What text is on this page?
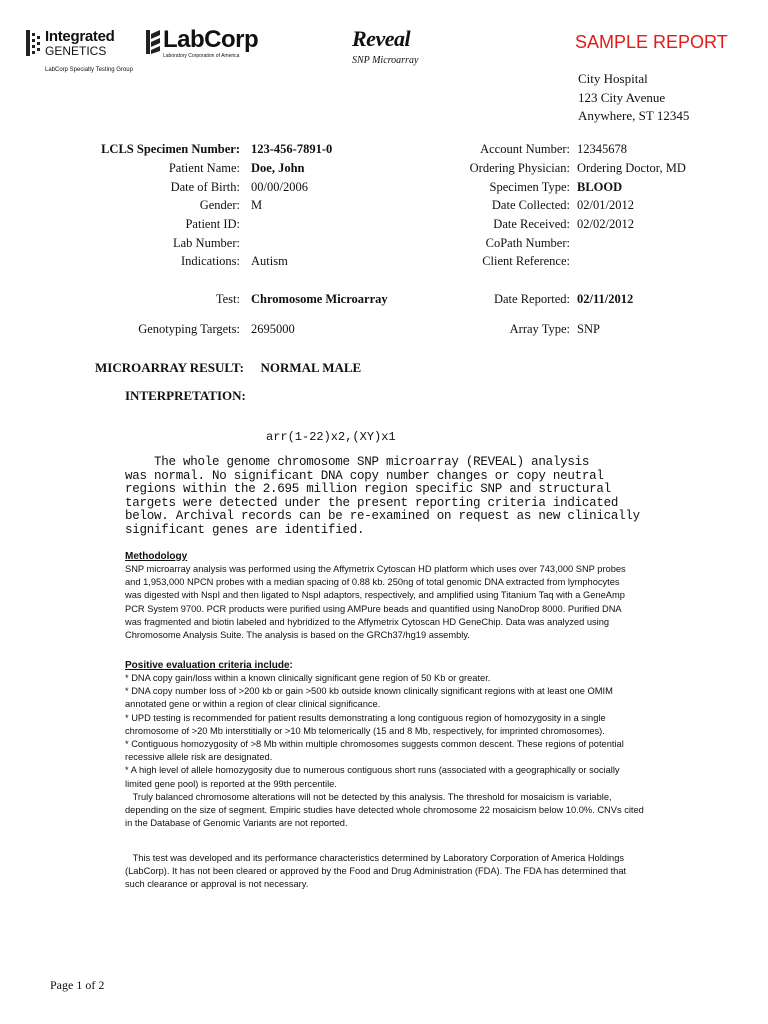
Integrated
GENETICS
LabCorp Specialty Testing Group
LabCorp
Laboratory Corporation of America
Reveal
SNP Microarray
SAMPLE REPORT
City Hospital
123 City Avenue
Anywhere, ST 12345
LCLS Specimen Number: 123-456-7891-0
Patient Name: Doe, John
Date of Birth: 00/00/2006
Gender: M
Patient ID:
Lab Number:
Indications: Autism
Test: Chromosome Microarray
Genotyping Targets: 2695000
Account Number: 12345678
Ordering Physician: Ordering Doctor, MD
Specimen Type: BLOOD
Date Collected: 02/01/2012
Date Received: 02/02/2012
CoPath Number:
Client Reference:
Date Reported: 02/11/2012
Array Type: SNP
MICROARRAY RESULT: NORMAL MALE
INTERPRETATION:
arr(1-22)x2,(XY)x1
The whole genome chromosome SNP microarray (REVEAL) analysis
was normal. No significant DNA copy number changes or copy neutral
regions within the 2.695 million region specific SNP and structural
targets were detected under the present reporting criteria indicated
below. Archival records can be re-examined on request as new clinically
significant genes are identified.
Methodology
SNP microarray analysis was performed using the Affymetrix Cytoscan HD platform which uses over 743,000 SNP probes
and 1,953,000 NPCN probes with a median spacing of 0.88 kb. 250ng of total genomic DNA extracted from lymphocytes
was digested with NspI and then ligated to NspI adaptors, respectively, and amplified using Titanium Taq with a GeneAmp
PCR System 9700. PCR products were purified using AMPure beads and quantified using NanoDrop 8000. Purified DNA
was fragmented and biotin labeled and hybridized to the Affymetrix Cytoscan HD GeneChip. Data was analyzed using
Chromosome Analysis Suite. The analysis is based on the GRCh37/hg19 assembly.
Positive evaluation criteria include:
* DNA copy gain/loss within a known clinically significant gene region of 50 Kb or greater.
* DNA copy number loss of >200 kb or gain >500 kb outside known clinically significant regions with at least one OMIM
annotated gene or within a region of clear clinical significance.
* UPD testing is recommended for patient results demonstrating a long contiguous region of homozygosity in a single
chromosome of >20 Mb interstitially or >10 Mb telomerically (15 and 8 Mb, respectively, for imprinted chromosomes).
* Contiguous homozygosity of >8 Mb within multiple chromosomes suggests common descent. These regions of potential
recessive allele risk are designated.
* A high level of allele homozygosity due to numerous contiguous short runs (associated with a geographically or socially
limited gene pool) is reported at the 99th percentile.
Truly balanced chromosome alterations will not be detected by this analysis. The threshold for mosaicism is variable,
depending on the size of segment. Empiric studies have detected whole chromosome 22 mosaicism below 10.0%. CNVs cited
in the Database of Genomic Variants are not reported.
This test was developed and its performance characteristics determined by Laboratory Corporation of America Holdings
(LabCorp). It has not been cleared or approved by the Food and Drug Administration (FDA). The FDA has determined that
such clearance or approval is not necessary.
Page 1 of 2
